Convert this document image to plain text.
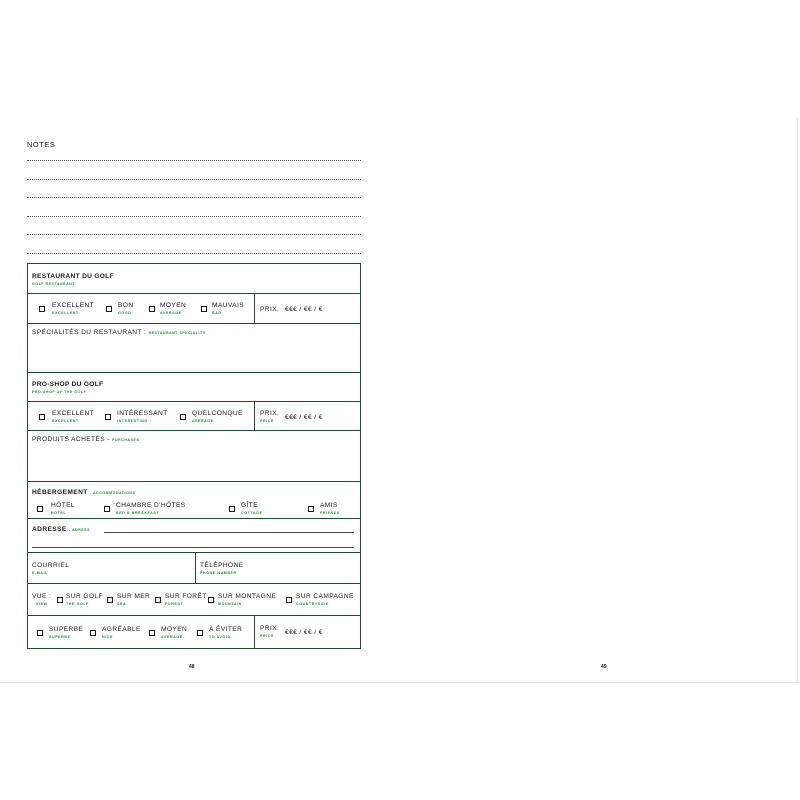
NOTES
RESTAURANT DU GOLF
GOLF RESTAURANT
EXCELLENT
EXCELLENT
BON
GOOD
MOYEN
AVERAGE
MAUVAIS
BAD	PRIX. €€€ / €€ / €
SPÉCIALITÉS DU RESTAURANT : RESTAURANT SPECIALITY
PRO-SHOP DU GOLF
PRO-SHOP OF THE GOLF
EXCELLENT
EXCELLENT
INTÉRESSANT
INTERESTING
QUELCONQUE
AVERAGE
PRIX.
PRICE €€€ / €€ / €
PRODUITS ACHETÉS - PURCHASES
HÉBERGEMENT - ACCOMMODATIONS
HÔTEL
HOTEL
CHAMBRE D'HÔTES
BED & BREAKFAST
GÎTE
COTTAGE
AMIS
FRIENDS
ADRESSE - ADRESS
COURRIEL
E-MAIL
TÉLÉPHONE
PHONE NUMBER
VUE :
VIEW
SUR GOLF
THE GOLF
SUR MER
SEA
SUR FORÊT
FOREST
SUR MONTAGNE
MOUNTAIN
SUR CAMPAGNE
COUNTRYSIDE
SUPERBE
SUPERBE
AGRÉABLE
NICE
MOYEN
AVERAGE
À ÉVITER
TO AVOID
PRIX.
PRICE €€€ / €€ / €
48	49
